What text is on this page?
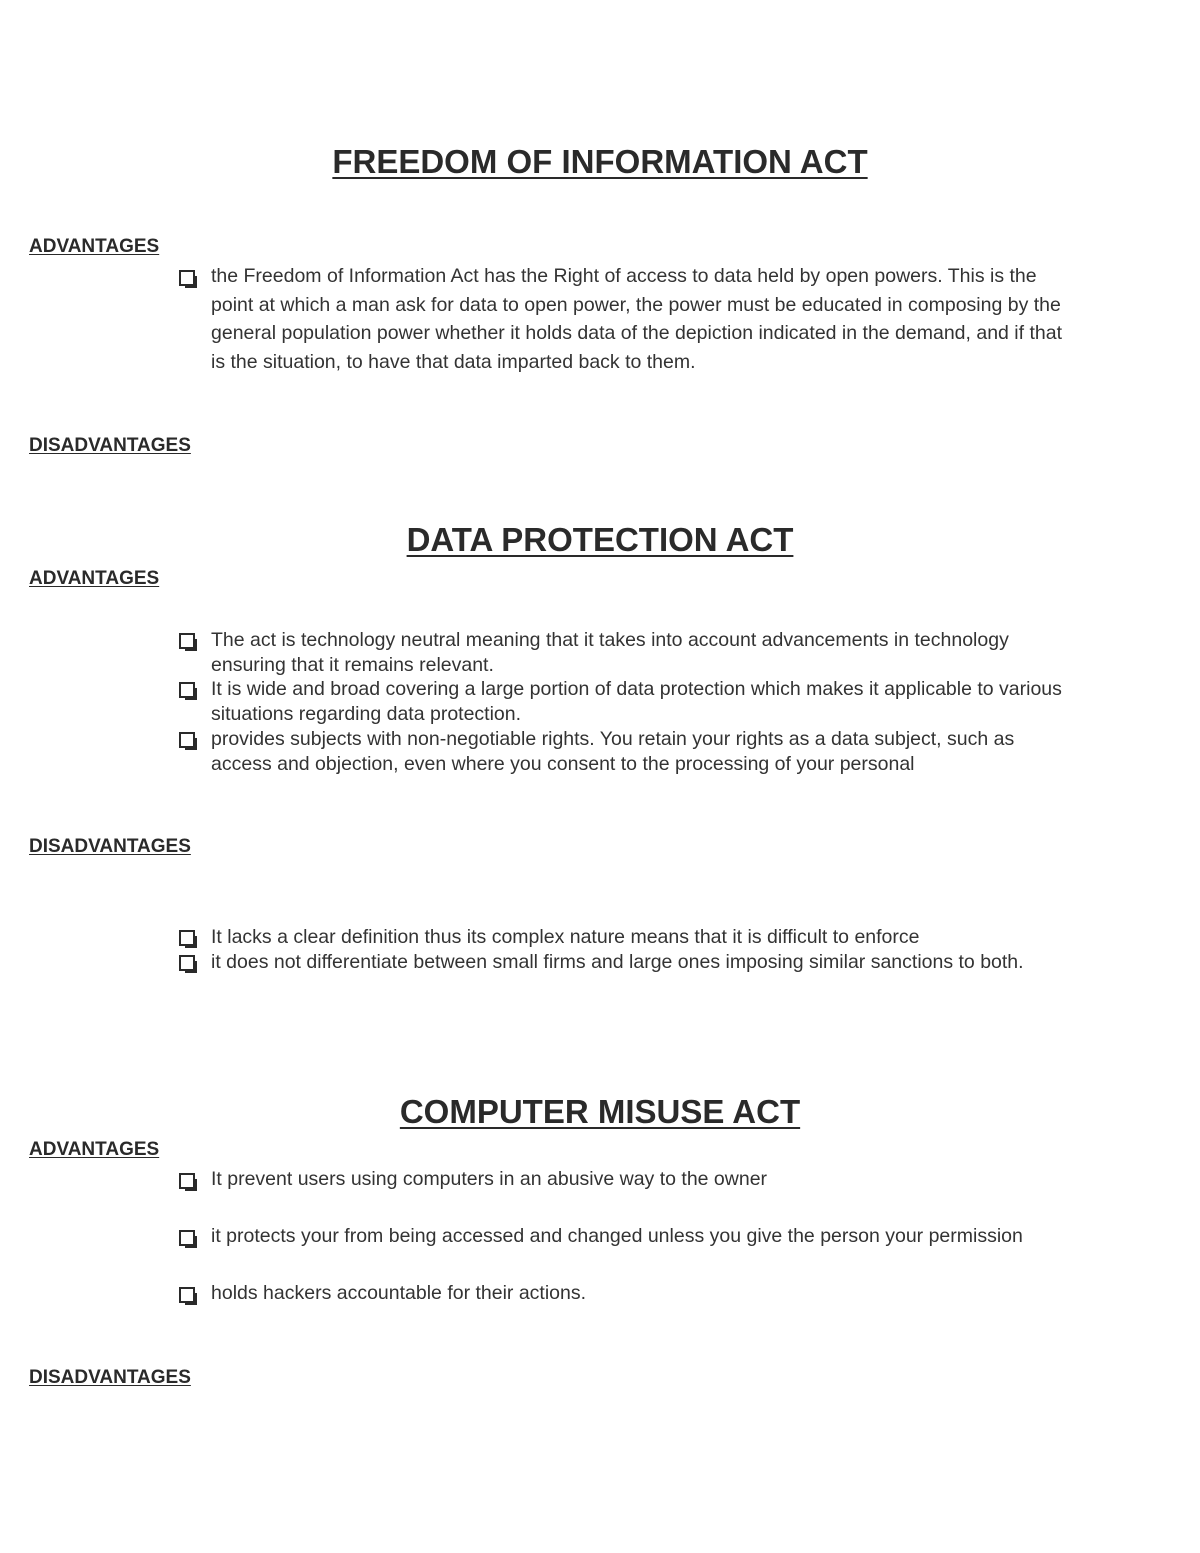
FREEDOM OF INFORMATION ACT
ADVANTAGES
the Freedom of Information Act has the Right of access to data held by open powers. This is the point at which a man ask for data to open power, the power must be educated in composing by the general population power whether it holds data of the depiction indicated in the demand, and if that is the situation, to have that data imparted back to them.
DISADVANTAGES
DATA PROTECTION ACT
ADVANTAGES
The act is technology neutral meaning that it takes into account advancements in technology ensuring that it remains relevant.
It is wide and broad covering a large portion of data protection which makes it applicable to various situations regarding data protection.
provides subjects with non-negotiable rights. You retain your rights as a data subject, such as access and objection, even where you consent to the processing of your personal
DISADVANTAGES
It lacks a clear definition thus its complex nature means that it is difficult to enforce
it does not differentiate between small firms and large ones imposing similar sanctions to both.
COMPUTER MISUSE ACT
ADVANTAGES
It prevent users using computers in an abusive way to the owner
it protects your from being accessed and changed unless you give the person your permission
holds hackers accountable for their actions.
DISADVANTAGES
